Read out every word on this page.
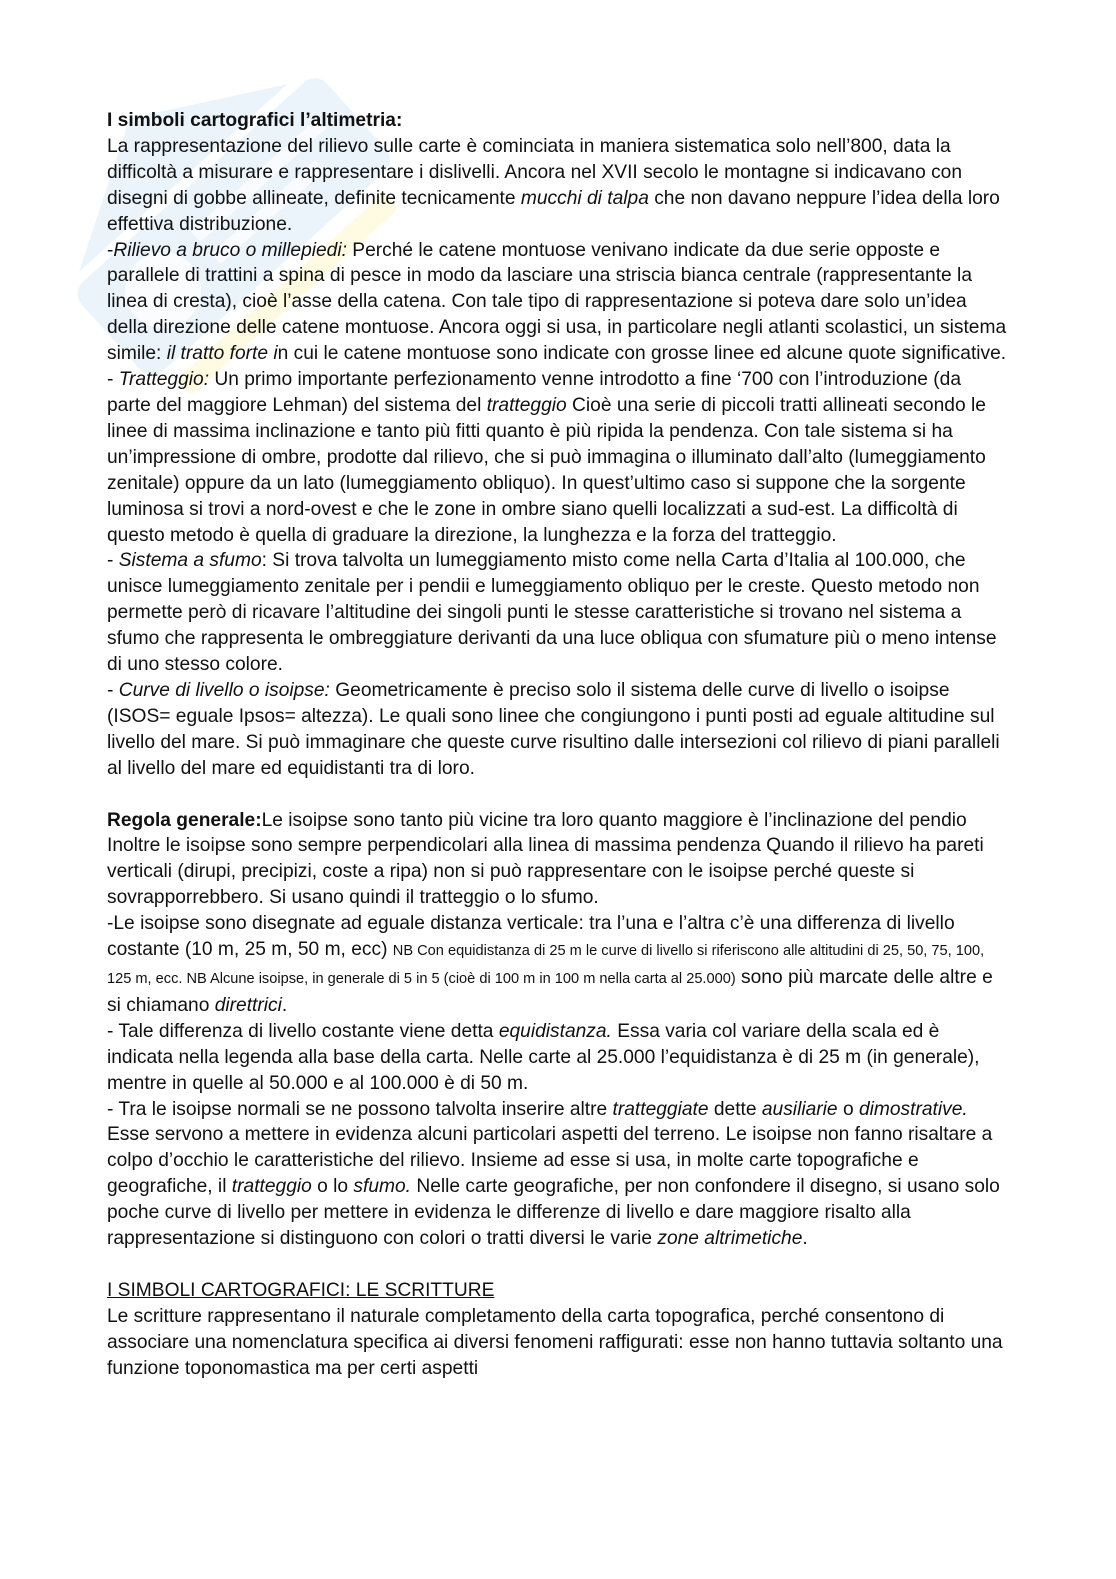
I simboli cartografici l’altimetria:

La rappresentazione del rilievo sulle carte è cominciata in maniera sistematica solo nell’800, data la difficoltà a misurare e rappresentare i dislivelli. Ancora nel XVII secolo le montagne si indicavano con disegni di gobbe allineate, definite tecnicamente mucchi di talpa che non davano neppure l’idea della loro effettiva distribuzione.

-Rilievo a bruco o millepiedi: Perché le catene montuose venivano indicate da due serie opposte e parallele di trattini a spina di pesce in modo da lasciare una striscia bianca centrale (rappresentante la linea di cresta), cioè l’asse della catena. Con tale tipo di rappresentazione si poteva dare solo un’idea della direzione delle catene montuose. Ancora oggi si usa, in particolare negli atlanti scolastici, un sistema simile: il tratto forte in cui le catene montuose sono indicate con grosse linee ed alcune quote significative.

- Tratteggio: Un primo importante perfezionamento venne introdotto a fine ‘700 con l’introduzione (da parte del maggiore Lehman) del sistema del tratteggio Cioè una serie di piccoli tratti allineati secondo le linee di massima inclinazione e tanto più fitti quanto è più ripida la pendenza. Con tale sistema si ha un’impressione di ombre, prodotte dal rilievo, che si può immagina o illuminato dall’alto (lumeggiamento zenitale) oppure da un lato (lumeggiamento obliquo). In quest’ultimo caso si suppone che la sorgente luminosa si trovi a nord-ovest e che le zone in ombre siano quelli localizzati a sud-est. La difficoltà di questo metodo è quella di graduare la direzione, la lunghezza e la forza del tratteggio.

- Sistema a sfumo: Si trova talvolta un lumeggiamento misto come nella Carta d’Italia al 100.000, che unisce lumeggiamento zenitale per i pendii e lumeggiamento obliquo per le creste. Questo metodo non permette però di ricavare l’altitudine dei singoli punti le stesse caratteristiche si trovano nel sistema a sfumo che rappresenta le ombreggiature derivanti da una luce obliqua con sfumature più o meno intense di uno stesso colore.

- Curve di livello o isoipse: Geometricamente è preciso solo il sistema delle curve di livello o isoipse (ISOS= eguale Ipsos= altezza). Le quali sono linee che congiungono i punti posti ad eguale altitudine sul livello del mare. Si può immaginare che queste curve risultino dalle intersezioni col rilievo di piani paralleli al livello del mare ed equidistanti tra di loro.

Regola generale:Le isoipse sono tanto più vicine tra loro quanto maggiore è l’inclinazione del pendio Inoltre le isoipse sono sempre perpendicolari alla linea di massima pendenza Quando il rilievo ha pareti verticali (dirupi, precipizi, coste a ripa) non si può rappresentare con le isoipse perché queste si sovrapporrebbero. Si usano quindi il tratteggio o lo sfumo.

-Le isoipse sono disegnate ad eguale distanza verticale: tra l’una e l’altra c’è una differenza di livello costante (10 m, 25 m, 50 m, ecc) NB Con equidistanza di 25 m le curve di livello si riferiscono alle altitudini di 25, 50, 75, 100, 125 m, ecc. NB Alcune isoipse, in generale di 5 in 5 (cioè di 100 m in 100 m nella carta al 25.000) sono più marcate delle altre e si chiamano direttrici.

- Tale differenza di livello costante viene detta equidistanza. Essa varia col variare della scala ed è indicata nella legenda alla base della carta. Nelle carte al 25.000 l’equidistanza è di 25 m (in generale), mentre in quelle al 50.000 e al 100.000 è di 50 m.

- Tra le isoipse normali se ne possono talvolta inserire altre tratteggiate dette ausiliarie o dimostrative. Esse servono a mettere in evidenza alcuni particolari aspetti del terreno. Le isoipse non fanno risaltare a colpo d’occhio le caratteristiche del rilievo. Insieme ad esse si usa, in molte carte topografiche e geografiche, il tratteggio o lo sfumo. Nelle carte geografiche, per non confondere il disegno, si usano solo poche curve di livello per mettere in evidenza le differenze di livello e dare maggiore risalto alla rappresentazione si distinguono con colori o tratti diversi le varie zone altrimetiche.

I SIMBOLI CARTOGRAFICI: LE SCRITTURE

Le scritture rappresentano il naturale completamento della carta topografica, perché consentono di associare una nomenclatura specifica ai diversi fenomeni raffigurati: esse non hanno tuttavia soltanto una funzione toponomastica ma per certi aspetti
